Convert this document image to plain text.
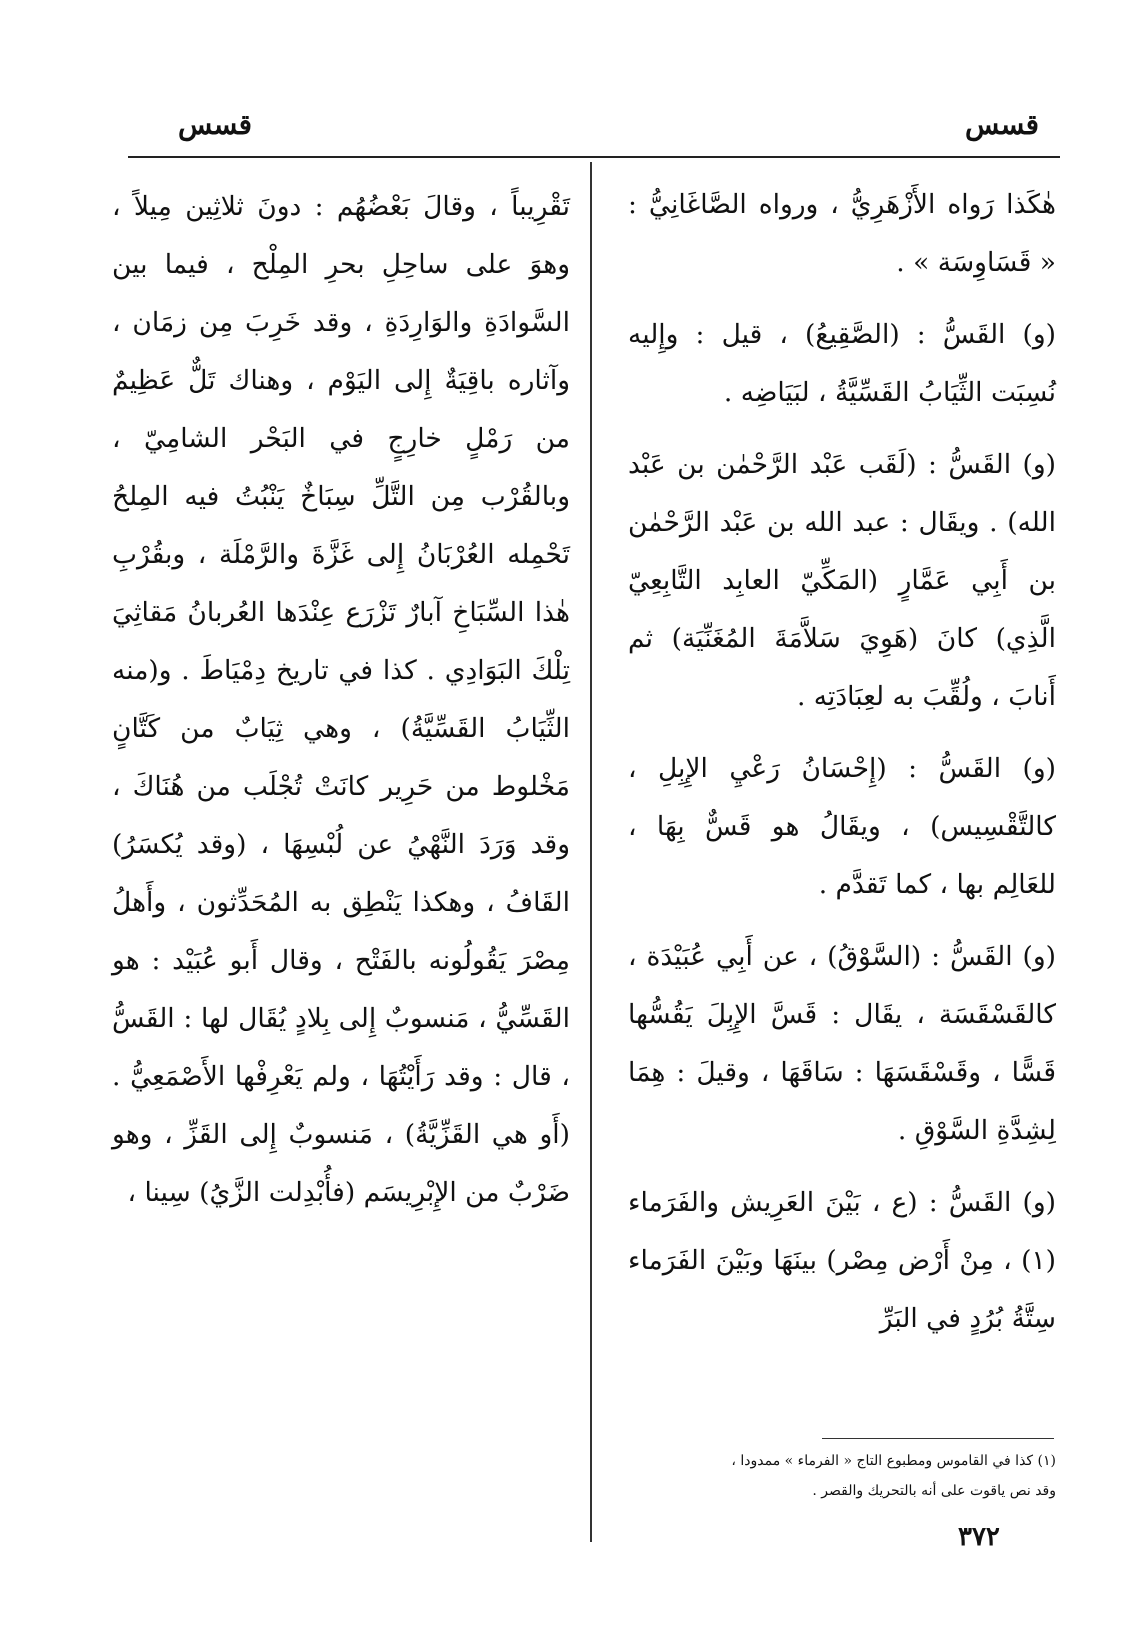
قسس
قسس

هٰكَذا رَواه الأَزْهَرِيُّ ، ورواه الصَّاغَانِيُّ : « قَسَاوِسَة » .

(و) القَسُّ : (الصَّقِيعُ) ، قيل : وإِليه نُسِبَت الثِّيَابُ القَسِّيَّةُ ، لبَيَاضِه .

(و) القَسُّ : (لَقَب عَبْد الرَّحْمٰن بن عَبْد الله) . ويقَال : عبد الله بن عَبْد الرَّحْمٰن بن أَبِي عَمَّارٍ (المَكِّيّ العابِد التَّابِعِيّ الَّذِي) كانَ (هَوِيَ سَلاَّمَةَ المُغَنِّيَة) ثم أَنابَ ، ولُقِّبَ به لعِبَادَتِه .

(و) القَسُّ : (إِحْسَانُ رَعْيِ الإِبِلِ ، كالتَّقْسِيس) ، ويقَالُ هو قَسٌّ بِهَا ، للعَالِم بها ، كما تَقدَّم .

(و) القَسُّ : (السَّوْقُ) ، عن أَبِي عُبَيْدَة ، كالقَسْقَسَة ، يقَال : قَسَّ الإِبِلَ يَقُسُّها قَسًّا ، وقَسْقَسَهَا : سَاقَهَا ، وقيلَ : هِمَا لِشِدَّةِ السَّوْقِ .

(و) القَسُّ : (ع ، بَيْنَ العَرِيش والفَرَماء (١) ، مِنْ أَرْض مِصْر) بينَهَا وبَيْنَ الفَرَماء سِتَّةُ بُرُدٍ في البَرِّ

تَقْرِيباً ، وقالَ بَعْضُهُم : دونَ ثلاثِين مِيلاً ، وهوَ على ساحِلِ بحرِ المِلْح ، فيما بين السَّوادَةِ والوَارِدَةِ ، وقد خَرِبَ مِن زمَان ، وآثاره باقِيَةٌ إِلى اليَوْم ، وهناك تَلٌّ عَظِيمٌ من رَمْلٍ خارِجٍ في البَحْر الشامِيّ ، وبالقُرْب مِن التَّلِّ سِبَاخٌ يَنْبُتُ فيه المِلحُ تَحْمِله العُرْبَانُ إِلى غَزَّةَ والرَّمْلَة ، وبقُرْبِ هٰذا السِّبَاخِ آبارٌ تَزْرَع عِنْدَها العُربانُ مَقاثِيَ تِلْكَ البَوَادِي . كذا في تاريخ دِمْيَاطَ . و(منه الثِّيَابُ القَسِّيَّةُ) ، وهي ثِيَابٌ من كَتَّانٍ مَخْلوط من حَرِير كانَتْ تُجْلَب من هُنَاكَ ، وقد وَرَدَ النَّهْيُ عن لُبْسِهَا ، (وقد يُكسَرُ) القَافُ ، وهكذا يَنْطِق به المُحَدِّثون ، وأَهلُ مِصْرَ يَقُولُونه بالفَتْح ، وقال أَبو عُبَيْد : هو القَسِّيُّ ، مَنسوبٌ إِلى بِلادٍ يُقَال لها : القَسُّ ، قال : وقد رَأَيْتُهَا ، ولم يَعْرِفْها الأَصْمَعِيُّ . (أَو هي القَزِّيَّةُ) ، مَنسوبٌ إِلى القَزِّ ، وهو ضَرْبٌ من الإِبْرِيسَم (فأُبْدِلت الزَّيُ) سِينا ،

(١) كذا في القاموس ومطبوع التاج « الفرماء » ممدودا ،
وقد نص ياقوت على أنه بالتحريك والقصر .
٣٧٢
